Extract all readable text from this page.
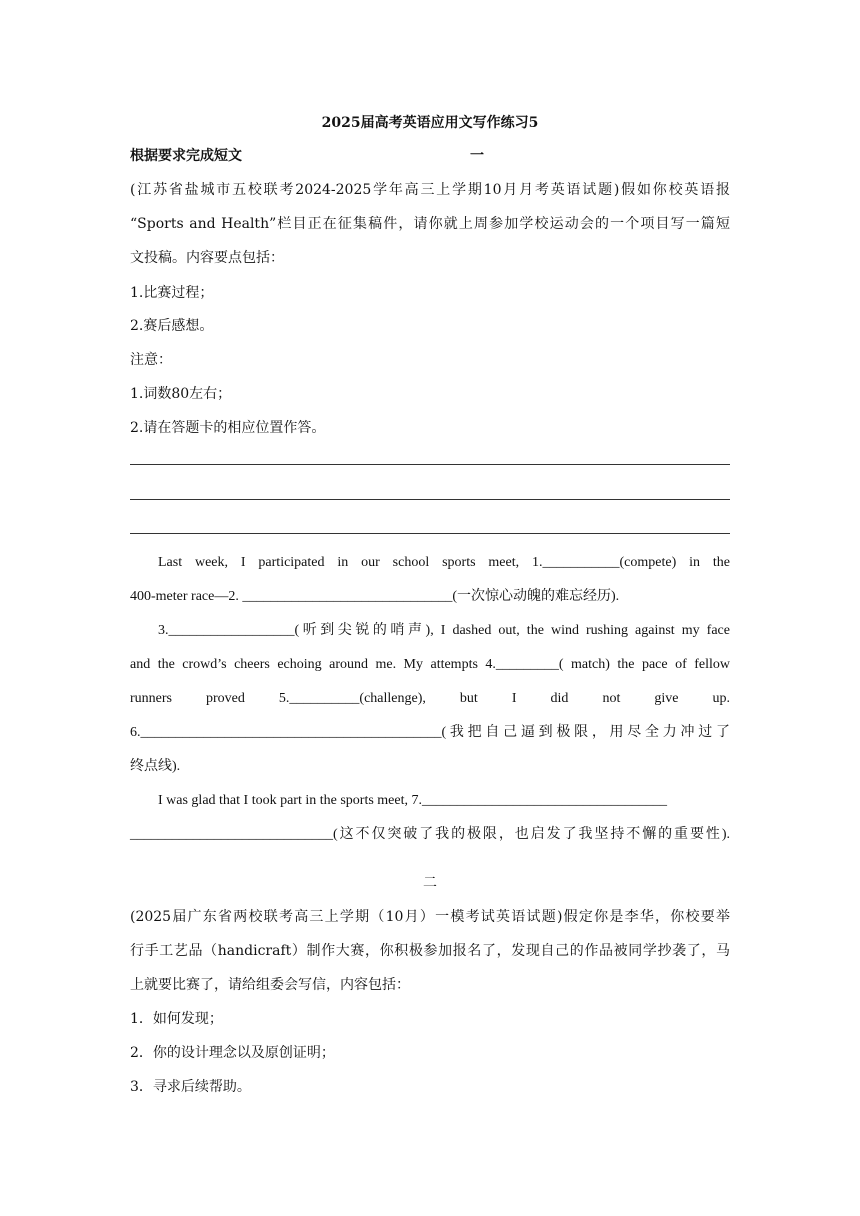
2025届高考英语应用文写作练习5
根据要求完成短文	一
(江苏省盐城市五校联考2024-2025学年高三上学期10月月考英语试题)假如你校英语报
“Sports and Health”栏目正在征集稿件，请你就上周参加学校运动会的一个项目写一篇短
文投稿。内容要点包括：
1.比赛过程；
2.赛后感想。
注意：
1.词数80左右；
2.请在答题卡的相应位置作答。
Last week, I participated in our school sports meet, 1.___________(compete) in the
400-meter race—2. ______________________________(一次惊心动魄的难忘经历).
3.__________________(听到尖锐的哨声), I dashed out, the wind rushing against my face
and the crowd’s cheers echoing around me. My attempts 4._________( match) the pace of fellow
runners proved 5.__________(challenge), but I did not give up.
6.___________________________________________(我把自己逼到极限，用尽全力冲过了
终点线).
I was glad that I took part in the sports meet, 7.___________________________________
_____________________________(这不仅突破了我的极限，也启发了我坚持不懈的重要性).
二
(2025届广东省两校联考高三上学期（10月）一模考试英语试题)假定你是李华，你校要举
行手工艺品（handicraft）制作大赛，你积极参加报名了，发现自己的作品被同学抄袭了，马
上就要比赛了，请给组委会写信，内容包括：
1．如何发现；
2．你的设计理念以及原创证明；
3．寻求后续帮助。
